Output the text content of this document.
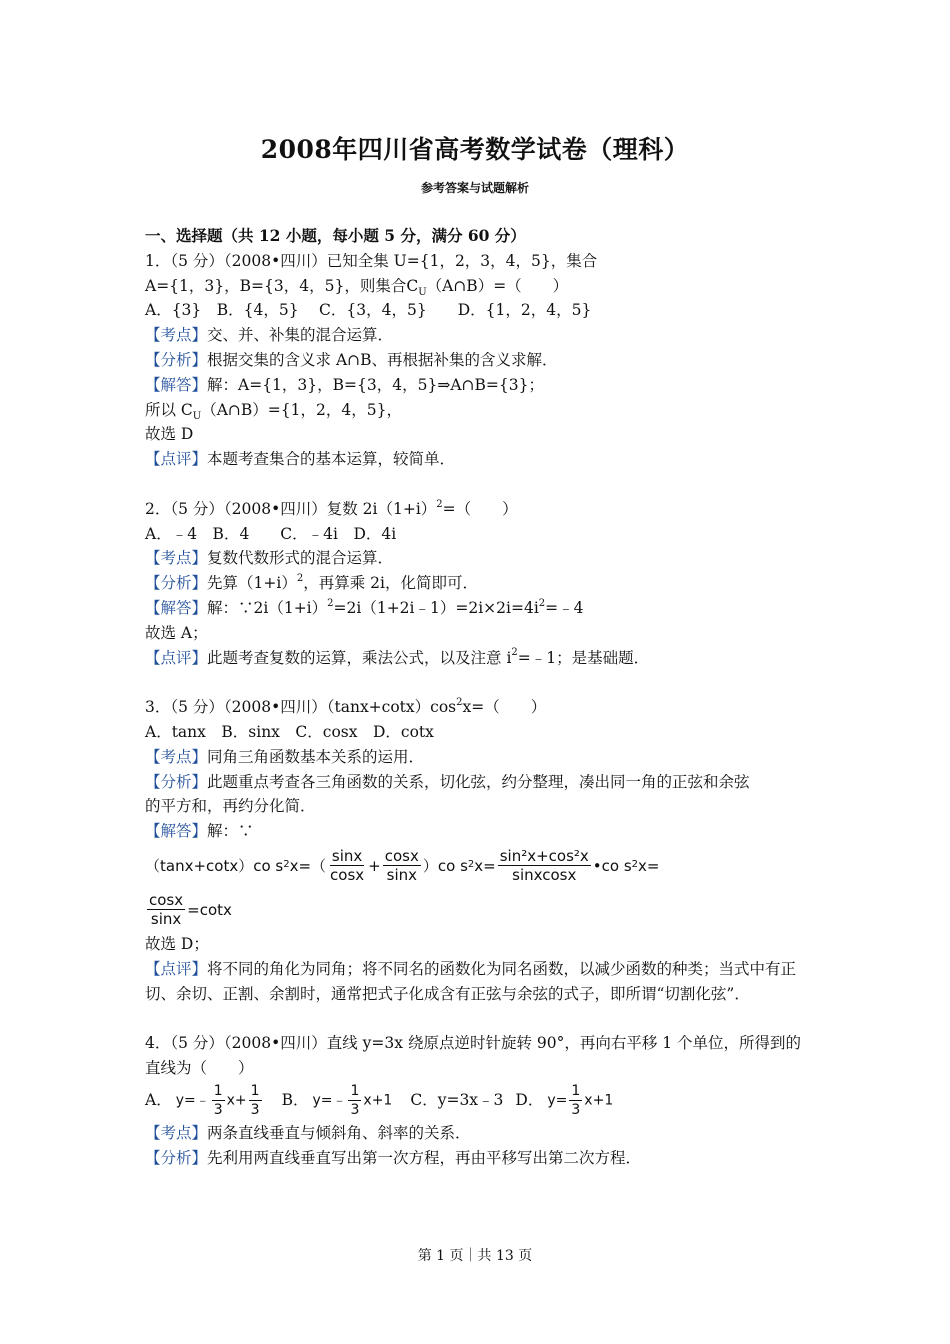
2008年四川省高考数学试卷（理科）
参考答案与试题解析
一、选择题（共 12 小题，每小题 5 分，满分 60 分）
1．（5 分）（2008•四川）已知全集 U={1，2，3，4，5}，集合
A={1，3}，B={3，4，5}，则集合$C_U(A\cap B)=$（　　）
A．{3}　B．{4，5}　 C．{3，4，5}　　D．{1，2，4，5}
【考点】交、并、补集的混合运算．
【分析】根据交集的含义求 A∩B、再根据补集的含义求解．
【解答】解：A={1，3}，B={3，4，5}⇒A∩B={3}；
所以 $C_U(A\cap B)=\{1$，2，4，5}，
故选 D
【点评】本题考查集合的基本运算，较简单．
2．（5 分）（2008•四川）复数 $2i(1+i)^2=$（　　）
A．﹣4　B．4　　C．﹣4i　D．4i
【考点】复数代数形式的混合运算．
【分析】先算$(1+i)^2$，再算乘 2i，化简即可．
【解答】解：$\because 2i(1+i)^2=2i(1+2i﹣1)=2i\times 2i=4i^2=﹣4$
故选 A；
【点评】此题考查复数的运算，乘法公式，以及注意 $i^2=﹣1$；是基础题．
3．（5 分）（2008•四川）$(\tan x+\cot x)\cos^2x=$（　　）
A．tanx　B．sinx　C．cosx　D．cotx
【考点】同角三角函数基本关系的运用．
【分析】此题重点考查各三角函数的关系，切化弦，约分整理，凑出同一角的正弦和余弦
的平方和，再约分化简．
【解答】解：∵
（tanx+cotx）co $s^2$ $x=( \frac{\sin x}{\cos x} + \frac{\cos x}{\sin x} )co$ $s^2$ $x= \frac{\text{sin²x+cos²x}}{\text{sinxcosx}}$ •co $s^2$ x=
$\frac{\cos x}{\sin x} =\cot x$
故选 D；
【点评】将不同的角化为同角；将不同名的函数化为同名函数，以减少函数的种类；当式中有正切、余切、正割、余割时，通常把式子化成含有正弦与余弦的式子，即所谓“切割化弦”．
4．（5 分）（2008•四川）直线 y=3x 绕原点逆时针旋转 90°，再向右平移 1 个单位，所得到的直线为（　　）
A． y=﹣ $\frac{1}{3} x+ \frac{1}{3}$ B． y=﹣ $\frac{1}{3} x+1$ C．y=3x﹣3 D． $y= \frac{1}{3} x+1$
【考点】两条直线垂直与倾斜角、斜率的关系．
【分析】先利用两直线垂直写出第一次方程，再由平移写出第二次方程．
第 1 页｜共 13 页
